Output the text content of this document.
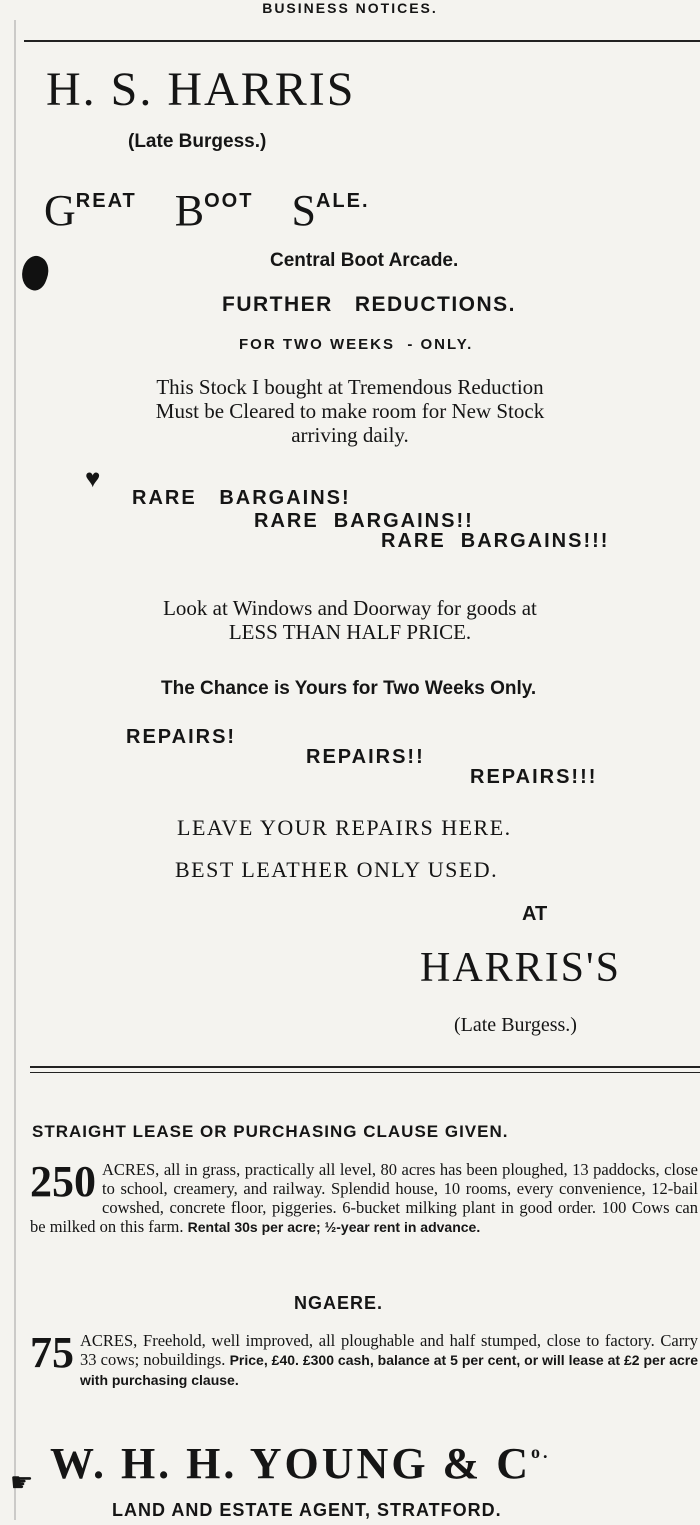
BUSINESS NOTICES.
H. S. HARRIS
(Late Burgess.)
GREAT BOOT SALE.
Central Boot Arcade.
FURTHER   REDUCTIONS.
FOR TWO WEEKS  - ONLY.
This Stock I bought at Tremendous Reduction
Must be Cleared to make room for New Stock
arriving daily.
♥
RARE   BARGAINS!
RARE  BARGAINS!!
RARE  BARGAINS!!!
Look at Windows and Doorway for goods at
LESS THAN HALF PRICE.
The Chance is Yours for Two Weeks Only.
REPAIRS!
REPAIRS!!
REPAIRS!!!
LEAVE YOUR REPAIRS HERE.
BEST LEATHER ONLY USED.
AT
HARRIS'S
(Late Burgess.)
STRAIGHT LEASE OR PURCHASING CLAUSE GIVEN.
250 ACRES, all in grass, practically all level, 80 acres has been ploughed, 13 paddocks, close to school, creamery, and railway. Splendid house, 10 rooms, every convenience, 12-bail cowshed, concrete floor, piggeries. 6-bucket milking plant in good order. 100 Cows can be milked on this farm. Rental 30s per acre; ½-year rent in advance.
NGAERE.
75 ACRES, Freehold, well improved, all ploughable and half stumped, close to factory. Carry 33 cows; nobuildings. Price, £40. £300 cash, balance at 5 per cent, or will lease at £2 per acre with purchasing clause.
☛ W. H. H. YOUNG & $C^{o.}$
LAND AND ESTATE AGENT, STRATFORD.
